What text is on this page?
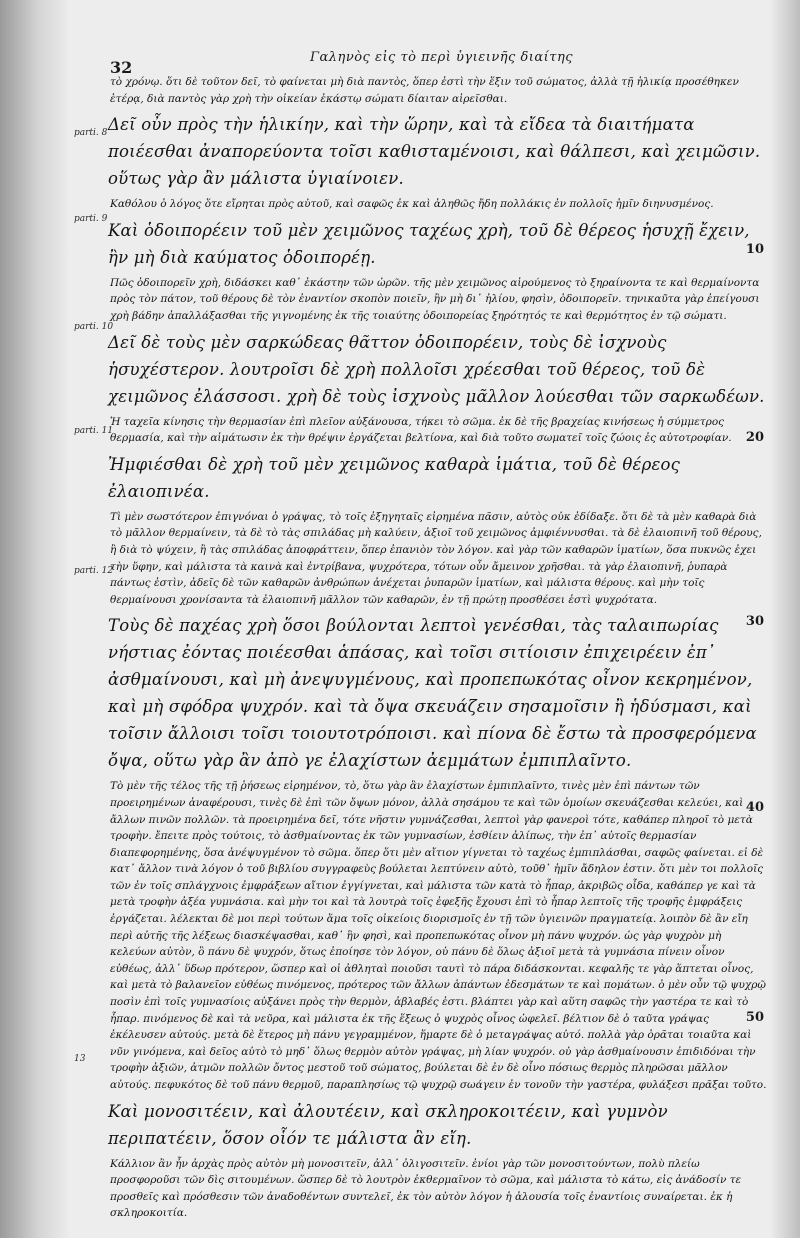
32
Γαληνὸς εἰς τὸ περὶ ὑγιεινῆς διαίτης
parti. 8
parti. 9
parti. 10
parti. 11
parti. 12
13
10
20
30
40
50

τὸ χρόνῳ. ὅτι δὲ τοῦτον δεῖ, τὸ φαίνεται μὴ διὰ παντὸς, ὅπερ ἐστὶ τὴν ἕξιν τοῦ σώματος, ἀλλὰ τῇ ἡλικίᾳ προσέθηκεν ἑτέρᾳ, διὰ παντὸς γὰρ χρὴ τὴν οἰκείαν ἑκάστῳ σώματι δίαιταν αἱρεῖσθαι.

Δεῖ οὖν πρὸς τὴν ἡλικίην, καὶ τὴν ὥρην, καὶ τὰ εἴδεα τὰ διαιτήματα ποιέεσθαι ἀναπορεύοντα τοῖσι καθισταμένοισι, καὶ θάλπεσι, καὶ χειμῶσιν. οὕτως γὰρ ἂν μάλιστα ὑγιαίνοιεν.

Καθόλου ὁ λόγος ὅτε εἴρηται πρὸς αὐτοῦ, καὶ σαφῶς ἐκ καὶ ἀληθῶς ἤδη πολλάκις ἐν πολλοῖς ἡμῖν διηνυσμένος.

Καὶ ὁδοιπορέειν τοῦ μὲν χειμῶνος ταχέως χρὴ, τοῦ δὲ θέρεος ἡσυχῇ ἔχειν, ἢν μὴ διὰ καύματος ὁδοιπορέῃ.

Πῶς ὁδοιπορεῖν χρὴ, διδάσκει καθ᾽ ἑκάστην τῶν ὡρῶν. τῆς μὲν χειμῶνος αἱρούμενος τὸ ξηραίνοντα τε καὶ θερμαίνοντα πρὸς τὸν πάτον, τοῦ θέρους δὲ τὸν ἐναντίον σκοπὸν ποιεῖν, ἢν μὴ δι᾽ ἡλίου, φησὶν, ὁδοιπορεῖν. τηνικαῦτα γὰρ ἐπείγουσι χρὴ βάδην ἀπαλλάξασθαι τῆς γιγνομένης ἐκ τῆς τοιαύτης ὁδοιπορείας ξηρότητός τε καὶ θερμότητος ἐν τῷ σώματι.

Δεῖ δὲ τοὺς μὲν σαρκώδεας θᾶττον ὁδοιπορέειν, τοὺς δὲ ἰσχνοὺς ἡσυχέστερον. λουτροῖσι δὲ χρὴ πολλοῖσι χρέεσθαι τοῦ θέρεος, τοῦ δὲ χειμῶνος ἐλάσσοσι. χρὴ δὲ τοὺς ἰσχνοὺς μᾶλλον λούεσθαι τῶν σαρκωδέων.

Ἡ ταχεῖα κίνησις τὴν θερμασίαν ἐπὶ πλεῖον αὐξάνουσα, τήκει τὸ σῶμα. ἐκ δὲ τῆς βραχείας κινήσεως ἡ σύμμετρος θερμασία, καὶ τὴν αἱμάτωσιν ἐκ τὴν θρέψιν ἐργάζεται βελτίονα, καὶ διὰ τοῦτο σωματεῖ τοῖς ζώοις ἐς αὐτοτροφίαν.

Ἠμφιέσθαι δὲ χρὴ τοῦ μὲν χειμῶνος καθαρὰ ἱμάτια, τοῦ δὲ θέρεος ἐλαιοπινέα.

Τὶ μὲν σωστότερον ἐπιγνόναι ὁ γράψας, τὸ τοῖς ἐξηγηταῖς εἰρημένα πᾶσιν, αὐτὸς οὐκ ἐδίδαξε. ὅτι δὲ τὰ μὲν καθαρὰ διὰ τὸ μᾶλλον θερμαίνειν, τὰ δὲ τὸ τὰς σπιλάδας μὴ καλύειν, ἀξιοῖ τοῦ χειμῶνος ἀμφιέννυσθαι. τὰ δὲ ἐλαιοπινῆ τοῦ θέρους, ἢ διὰ τὸ ψύχειν, ἢ τὰς σπιλάδας ἀποφράττειν, ὅπερ ἐπανιὸν τὸν λόγον. καὶ γὰρ τῶν καθαρῶν ἱματίων, ὅσα πυκνῶς ἐχει τὴν ὕφην, καὶ μάλιστα τὰ καινὰ καὶ ἐντρίβανα, ψυχρότερα, τότων οὖν ἄμεινον χρῆσθαι. τὰ γὰρ ἐλαιοπινῆ, ῥυπαρὰ πάντως ἐστὶν, ἀδεῖς δὲ τῶν καθαρῶν ἀνθρώπων ἀνέχεται ῥυπαρῶν ἱματίων, καὶ μάλιστα θέρους. καὶ μὴν τοῖς θερμαίνουσι χρονίσαντα τὰ ἐλαιοπινῆ μᾶλλον τῶν καθαρῶν, ἐν τῇ πρώτῃ προσθέσει ἐστὶ ψυχρότατα.

Τοὺς δὲ παχέας χρὴ ὅσοι βούλονται λεπτοὶ γενέσθαι, τὰς ταλαιπωρίας νήστιας ἐόντας ποιέεσθαι ἁπάσας, καὶ τοῖσι σιτίοισιν ἐπιχειρέειν ἐπ᾽ ἀσθμαίνουσι, καὶ μὴ ἀνεψυγμένους, καὶ προπεπωκότας οἶνον κεκρημένον, καὶ μὴ σφόδρα ψυχρόν. καὶ τὰ ὄψα σκευάζειν σησαμοῖσιν ἢ ἡδύσμασι, καὶ τοῖσιν ἄλλοισι τοῖσι τοιουτοτρόποισι. καὶ πίονα δὲ ἔστω τὰ προσφερόμενα ὄψα, οὕτω γὰρ ἂν ἀπὸ γε ἐλαχίστων ἀεμμάτων ἐμπιπλαῖντο.

Τὸ μὲν τῆς τέλος τῆς τῇ ῥήσεως εἰρημένον, τὸ, ὅτω γὰρ ἂν ἐλαχίστων ἐμπιπλαῖντο, τινὲς μὲν ἐπὶ πάντων τῶν προειρημένων ἀναφέρουσι, τινὲς δὲ ἐπὶ τῶν ὄψων μόνον, ἀλλὰ σησάμου τε καὶ τῶν ὁμοίων σκευάζεσθαι κελεύει, καὶ ἄλλων πινῶν πολλῶν. τὰ προειρημένα δεῖ, τότε νῆστιν γυμνάζεσθαι, λεπτοὶ γὰρ φανεροὶ τότε, καθάπερ πληροῖ τὸ μετὰ τροφὴν. ἔπειτε πρὸς τούτοις, τὸ ἀσθμαίνοντας ἐκ τῶν γυμνασίων, ἐσθίειν ἀλίπως, τὴν ἐπ᾽ αὐτοῖς θερμασίαν διαπεφορημένης, ὅσα ἀνέψυγμένον τὸ σῶμα. ὅπερ ὅτι μὲν αἴτιον γίγνεται τὸ ταχέως ἐμπιπλάσθαι, σαφῶς φαίνεται. εἰ δὲ κατ᾽ ἄλλον τινὰ λόγον ὁ τοῦ βιβλίου συγγραφεὺς βούλεται λεπτύνειν αὐτὸ, τοῦθ᾽ ἡμῖν ἄδηλον ἐστιν. ὅτι μὲν τοι πολλοῖς τῶν ἐν τοῖς σπλάγχνοις ἐμφράξεων αἴτιον ἐγγίγνεται, καὶ μάλιστα τῶν κατὰ τὸ ἧπαρ, ἀκριβῶς οἶδα, καθάπερ γε καὶ τὰ μετὰ τροφὴν ἀξέα γυμνάσια. καὶ μὴν τοι καὶ τὰ λουτρὰ τοῖς ἐφεξῆς ἔχουσι ἐπὶ τὸ ἧπαρ λεπτοῖς τῆς τροφῆς ἐμφράξεις ἐργάζεται. λέλεκται δὲ μοι περὶ τούτων ἅμα τοῖς οἰκείοις διορισμοῖς ἐν τῇ τῶν ὑγιεινῶν πραγματείᾳ. λοιπὸν δὲ ἂν εἴη περὶ αὐτῆς τῆς λέξεως διασκέψασθαι, καθ᾽ ἣν φησὶ, καὶ προπεπωκότας οἶνον μὴ πάνυ ψυχρόν. ὡς γὰρ ψυχρὸν μὴ κελεύων αὐτὸν, ὃ πάνυ δὲ ψυχρόν, ὅτως ἐποίησε τὸν λόγον, οὐ πάνυ δὲ ὅλως ἀξιοῖ μετὰ τὰ γυμνάσια πίνειν οἶνον εὐθέως, ἀλλ᾽ ὕδωρ πρότερον, ὥσπερ καὶ οἱ ἀθληταὶ ποιοῦσι ταυτὶ τὸ πάρα διδάσκονται. κεφαλῆς τε γὰρ ἅπτεται οἶνος, καὶ μετὰ τὸ βαλανεῖον εὐθέως πινόμενος, πρότερος τῶν ἄλλων ἁπάντων ἐδεσμάτων τε καὶ πομάτων. ὁ μὲν οὖν τῷ ψυχρῷ ποσὶν ἐπὶ τοῖς γυμνασίοις αὐξάνει πρὸς τὴν θερμὸν, ἀβλαβές ἐστι. βλάπτει γὰρ καὶ αὕτη σαφῶς τὴν γαστέρα τε καὶ τὸ ἧπαρ. πινόμενος δὲ καὶ τὰ νεῦρα, καὶ μάλιστα ἐκ τῆς ἕξεως ὁ ψυχρὸς οἶνος ὠφελεῖ. βέλτιον δὲ ὁ ταῦτα γράψας ἐκέλευσεν αὐτούς. μετὰ δὲ ἕτερος μὴ πάνυ γεγραμμένον, ἥμαρτε δὲ ὁ μεταγράψας αὐτό. πολλὰ γὰρ ὁρᾶται τοιαῦτα καὶ νῦν γινόμενα, καὶ δεῖος αὐτὸ τὸ μηδ᾽ ὅλως θερμὸν αὐτὸν γράψας, μὴ λίαν ψυχρόν. οὐ γὰρ ἀσθμαίνουσιν ἐπιδιδόναι τὴν τροφὴν ἀξιῶν, ἀτμῶν πολλῶν ὄντος μεστοῦ τοῦ σώματος, βούλεται δὲ ἐν δὲ οἶνο πόσιως θερμὸς πληρῶσαι μᾶλλον αὐτούς. πεφυκότος δὲ τοῦ πάνυ θερμοῦ, παραπλησίως τῷ ψυχρῷ σωάγειν ἐν τονοῦν τὴν γαστέρα, φυλάξεσι πρᾶξαι τοῦτο.

Καὶ μονοσιτέειν, καὶ ἀλουτέειν, καὶ σκληροκοιτέειν, καὶ γυμνὸν περιπατέειν, ὅσον οἷόν τε μάλιστα ἂν εἴη.

Κάλλιον ἂν ἦν ἀρχὰς πρὸς αὐτὸν μὴ μονοσιτεῖν, ἀλλ᾽ ὀλιγοσιτεῖν. ἐνίοι γὰρ τῶν μονοσιτούντων, πολὺ πλείω προσφοροῦσι τῶν δὶς σιτουμένων. ὥσπερ δὲ τὸ λουτρὸν ἐκθερμαῖνον τὸ σῶμα, καὶ μάλιστα τὸ κάτω, εἰς ἀνάδοσίν τε προσθεῖς καὶ πρόσθεσιν τῶν ἀναδοθέντων συντελεῖ, ἐκ τὸν αὐτὸν λόγον ἡ ἀλουσία τοῖς ἐναντίοις συναίρεται. ἐκ ἡ σκληροκοιτία.
